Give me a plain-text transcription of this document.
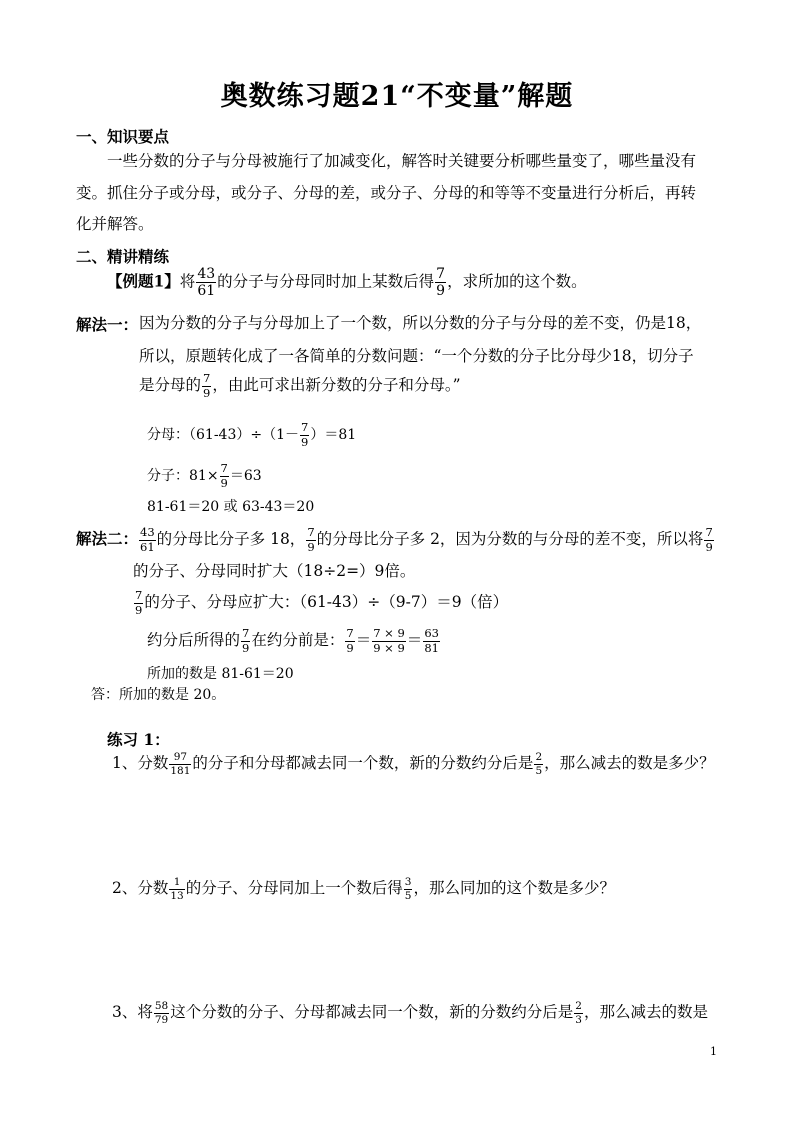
奥数练习题21“不变量”解题
一、知识要点
一些分数的分子与分母被施行了加减变化，解答时关键要分析哪些量变了，哪些量没有
变。抓住分子或分母，或分子、分母的差，或分子、分母的和等等不变量进行分析后，再转
化并解答。
二、精讲精练
【例题1】将 $\frac{43}{61}$ 的分子与分母同时加上某数后得 $\frac{7}{9}$ ，求所加的这个数。
解法一： 因为分数的分子与分母加上了一个数，所以分数的分子与分母的差不变，仍是18，
所以，原题转化成了一各简单的分数问题：“一个分数的分子比分母少18，切分子
是分母的 $\frac{7}{9}$ ，由此可求出新分数的分子和分母。”
分母：$(61-43)\div(1- \frac{7}{9} )=81$
分子：$81\times \frac{7}{9} =63$
81-61＝20 或 63-43＝20
解法二： $\frac{43}{61}$ 的分母比分子多 18， $\frac{7}{9}$ 的分母比分子多 2，因为分数的与分母的差不变，所以将 $\frac{7}{9}$
的分子、分母同时扩大（18÷2=）9倍。
$\frac{7}{9}$ 的分子、分母应扩大：（61-43）÷（9-7）＝9（倍）
约分后所得的 $\frac{7}{9}$ 在约分前是： $\frac{7}{9} = \frac{7 \times 9}{9 \times 9} = \frac{63}{81}$
所加的数是 81-61＝20
答：所加的数是 20。
练习 1：
1、分数 $\frac{97}{181}$ 的分子和分母都减去同一个数，新的分数约分后是 $\frac{2}{5}$ ，那么减去的数是多少？
2、分数 $\frac{1}{13}$ 的分子、分母同加上一个数后得 $\frac{3}{5}$ ，那么同加的这个数是多少？
3、将 $\frac{58}{79}$ 这个分数的分子、分母都减去同一个数，新的分数约分后是 $\frac{2}{3}$ ，那么减去的数是
1
